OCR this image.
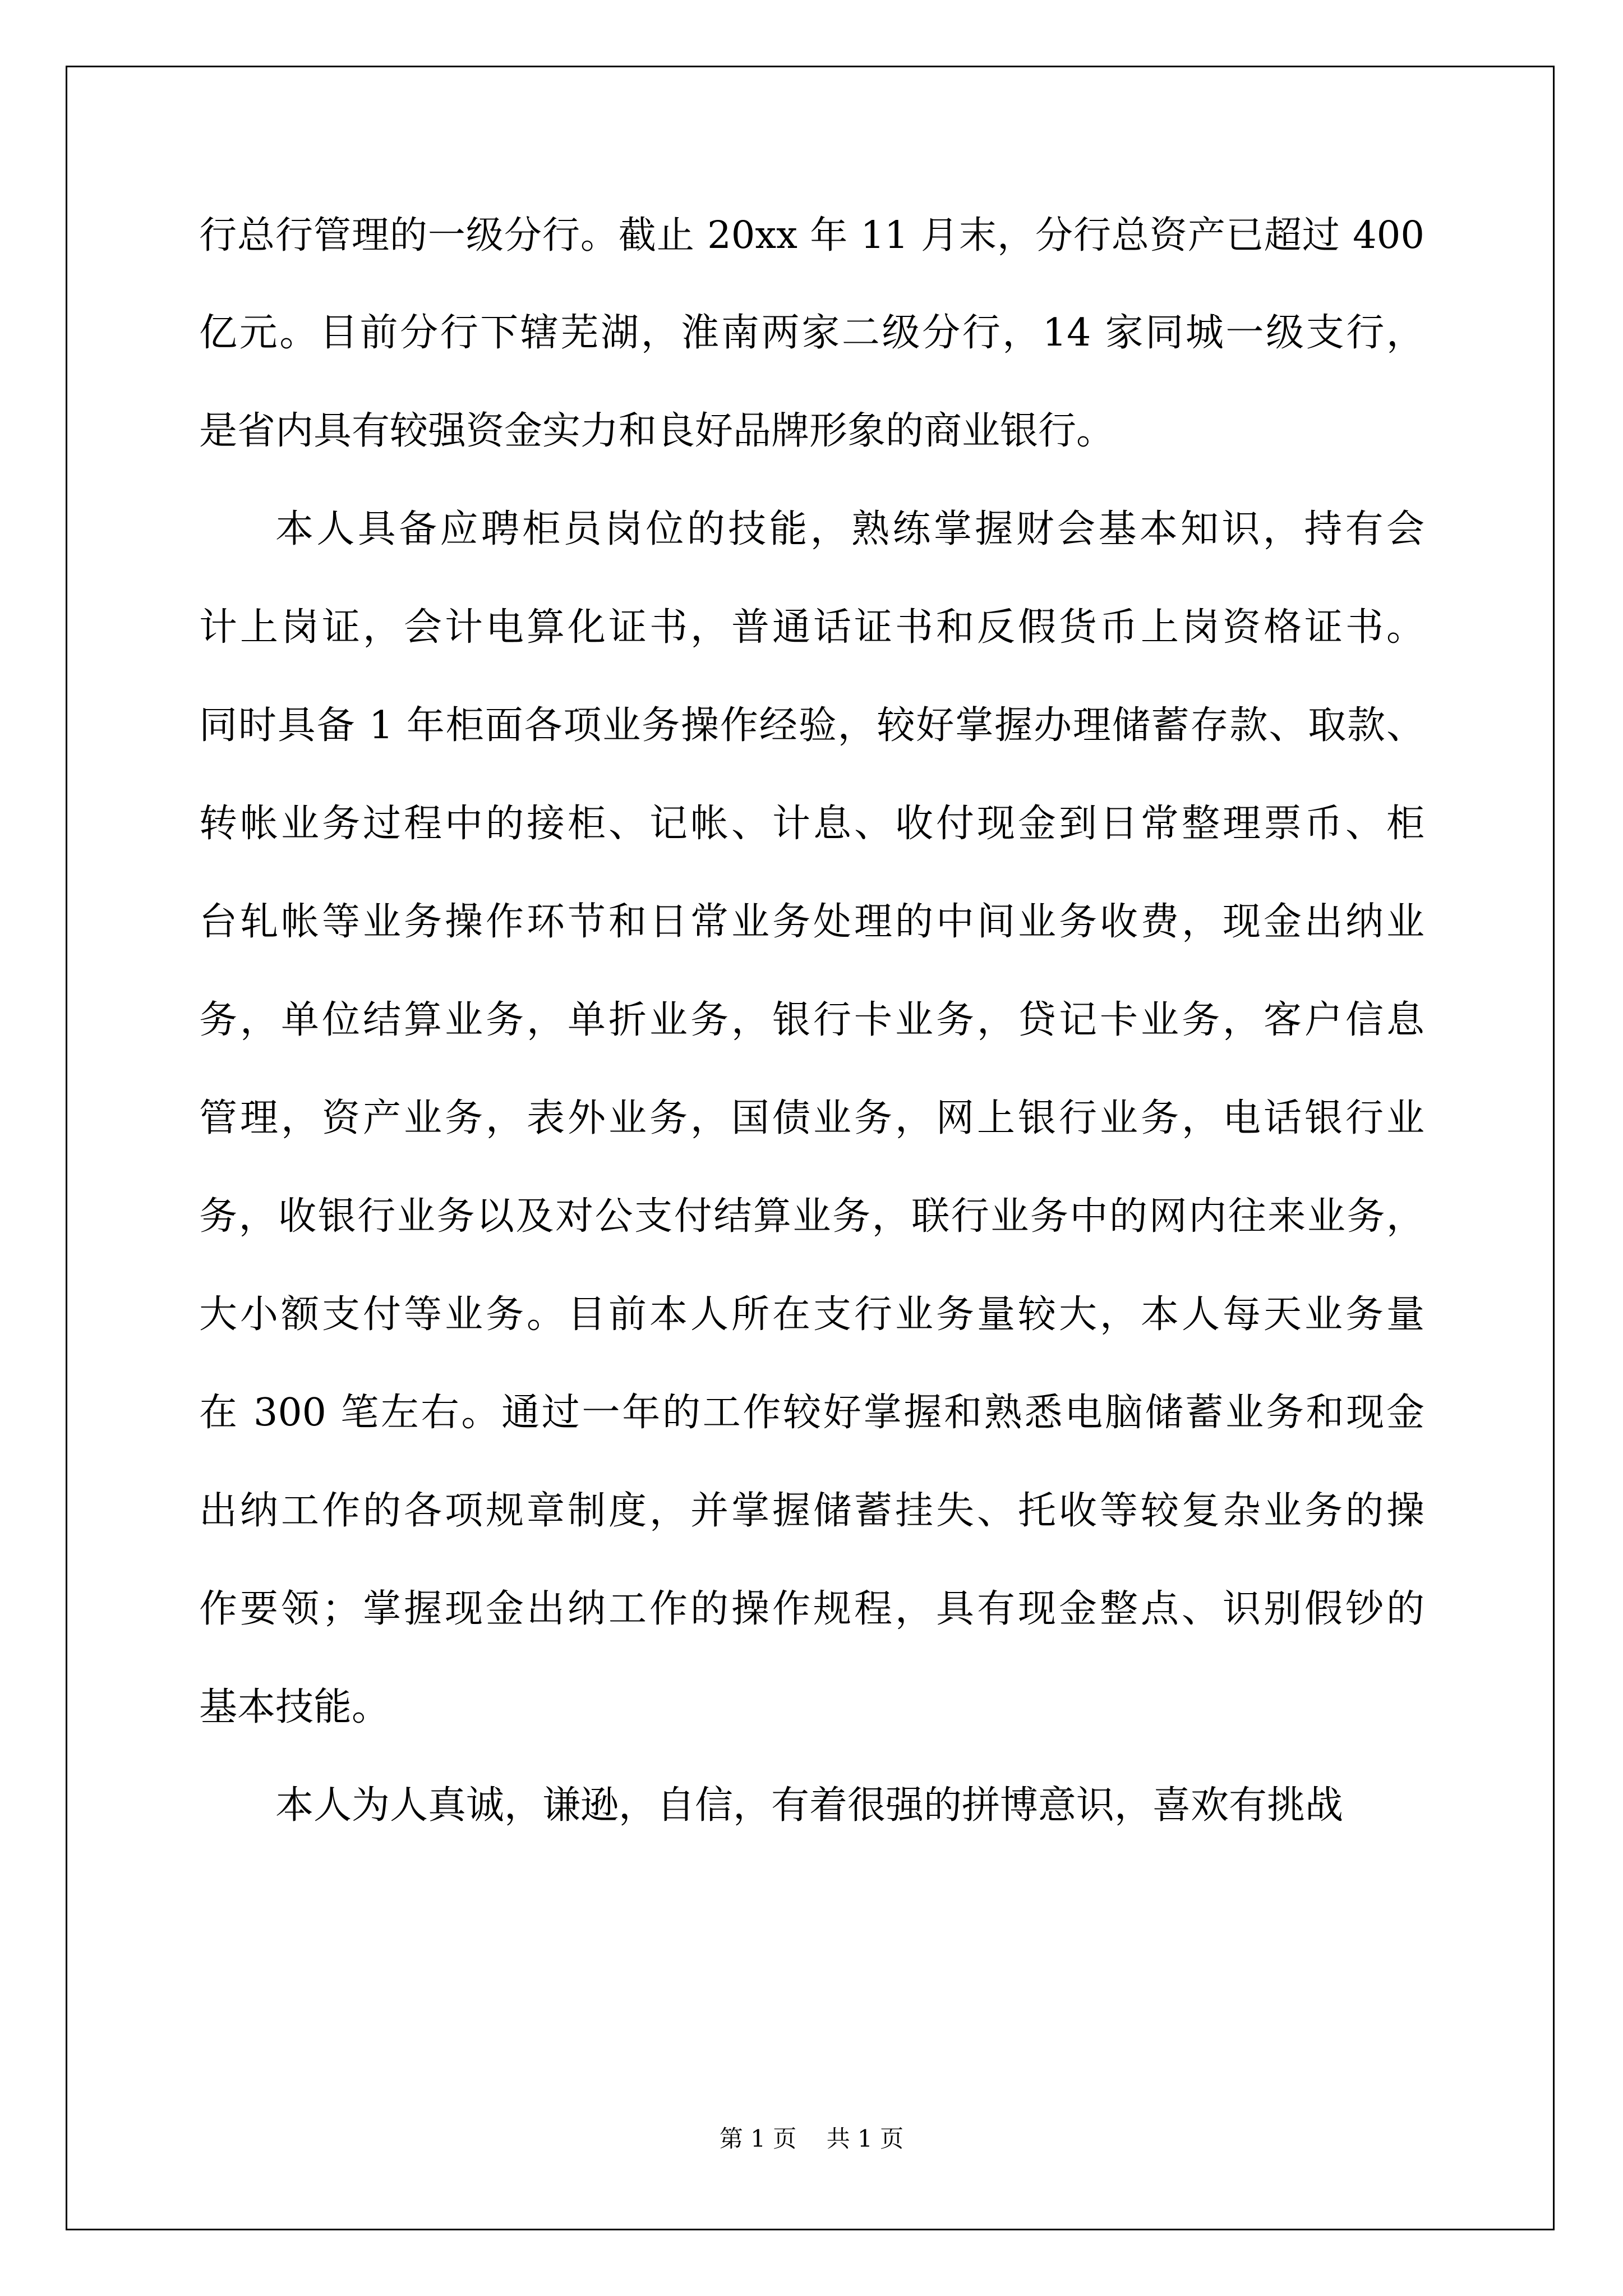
行总行管理的一级分行。截止 20xx 年 11 月末，分行总资产已超过 400
亿元。目前分行下辖芜湖，淮南两家二级分行，14 家同城一级支行，
是省内具有较强资金实力和良好品牌形象的商业银行。
本人具备应聘柜员岗位的技能，熟练掌握财会基本知识，持有会
计上岗证，会计电算化证书，普通话证书和反假货币上岗资格证书。
同时具备 1 年柜面各项业务操作经验，较好掌握办理储蓄存款、取款、
转帐业务过程中的接柜、记帐、计息、收付现金到日常整理票币、柜
台轧帐等业务操作环节和日常业务处理的中间业务收费，现金出纳业
务，单位结算业务，单折业务，银行卡业务，贷记卡业务，客户信息
管理，资产业务，表外业务，国债业务，网上银行业务，电话银行业
务，收银行业务以及对公支付结算业务，联行业务中的网内往来业务，
大小额支付等业务。目前本人所在支行业务量较大，本人每天业务量
在 300 笔左右。通过一年的工作较好掌握和熟悉电脑储蓄业务和现金
出纳工作的各项规章制度，并掌握储蓄挂失、托收等较复杂业务的操
作要领；掌握现金出纳工作的操作规程，具有现金整点、识别假钞的
基本技能。
本人为人真诚，谦逊，自信，有着很强的拼博意识，喜欢有挑战
第 1 页    共 1 页
